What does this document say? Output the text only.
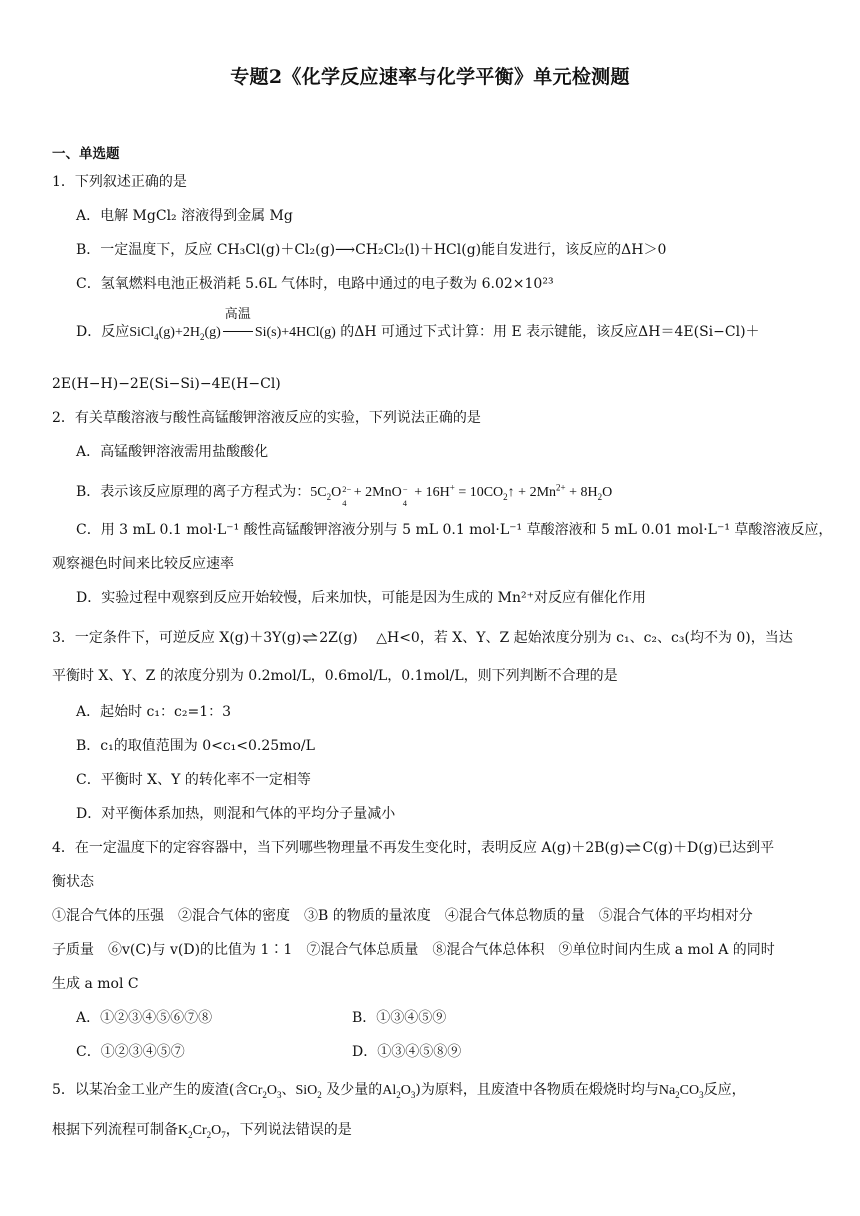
专题2《化学反应速率与化学平衡》单元检测题
一、单选题
1．下列叙述正确的是
A．电解 MgCl₂ 溶液得到金属 Mg
B．一定温度下，反应 CH₃Cl(g)＋Cl₂(g)⟶CH₂Cl₂(l)＋HCl(g)能自发进行，该反应的ΔH＞0
C．氢氧燃料电池正极消耗 5.6L 气体时，电路中通过的电子数为 6.02×10²³
D．反应$SiCl_4(g)+2H_2(g)$
高温
Si(s)+4HCl(g) 的ΔH 可通过下式计算：用 E 表示键能，该反应ΔH＝4E(Si−Cl)＋
2E(H−H)−2E(Si−Si)−4E(H−Cl)
2．有关草酸溶液与酸性高锰酸钾溶液反应的实验，下列说法正确的是
A．高锰酸钾溶液需用盐酸酸化
B．表示该反应原理的离子方程式为：$5C_2O$ 2−
4
+ 2MnO −
4
+ $16H^+ = 10CO_2↑ + 2Mn^{2+} + 8H_2O$
C．用 3 mL 0.1 mol·L⁻¹ 酸性高锰酸钾溶液分别与 5 mL 0.1 mol·L⁻¹ 草酸溶液和 5 mL 0.01 mol·L⁻¹ 草酸溶液反应，
观察褪色时间来比较反应速率
D．实验过程中观察到反应开始较慢，后来加快，可能是因为生成的 Mn²⁺对反应有催化作用
3．一定条件下，可逆反应 X(g)＋3Y(g)⇌2Z(g)　 △H<0，若 X、Y、Z 起始浓度分别为 c₁、c₂、c₃(均不为 0)，当达
平衡时 X、Y、Z 的浓度分别为 0.2mol/L，0.6mol/L，0.1mol/L，则下列判断不合理的是
A．起始时 c₁：c₂=1：3
B．c₁的取值范围为 0<c₁<0.25mo/L
C．平衡时 X、Y 的转化率不一定相等
D．对平衡体系加热，则混和气体的平均分子量减小
4．在一定温度下的定容容器中，当下列哪些物理量不再发生变化时，表明反应 A(g)＋2B(g)⇌C(g)＋D(g)已达到平
衡状态
①混合气体的压强　②混合气体的密度　③B 的物质的量浓度　④混合气体总物质的量　⑤混合气体的平均相对分
子质量　⑥v(C)与 v(D)的比值为 1∶1　⑦混合气体总质量　⑧混合气体总体积　⑨单位时间内生成 a mol A 的同时
生成 a mol C
A．①②③④⑤⑥⑦⑧	B．①③④⑤⑨
C．①②③④⑤⑦	D．①③④⑤⑧⑨
5．以某冶金工业产生的废渣(含$Cr_2O_3$、SiO$_2$ 及少量的$Al_2O_3$)为原料，且废渣中各物质在煅烧时均与$Na_2CO_3$反应，
根据下列流程可制备$K_2Cr_2O_7$，下列说法错误的是
